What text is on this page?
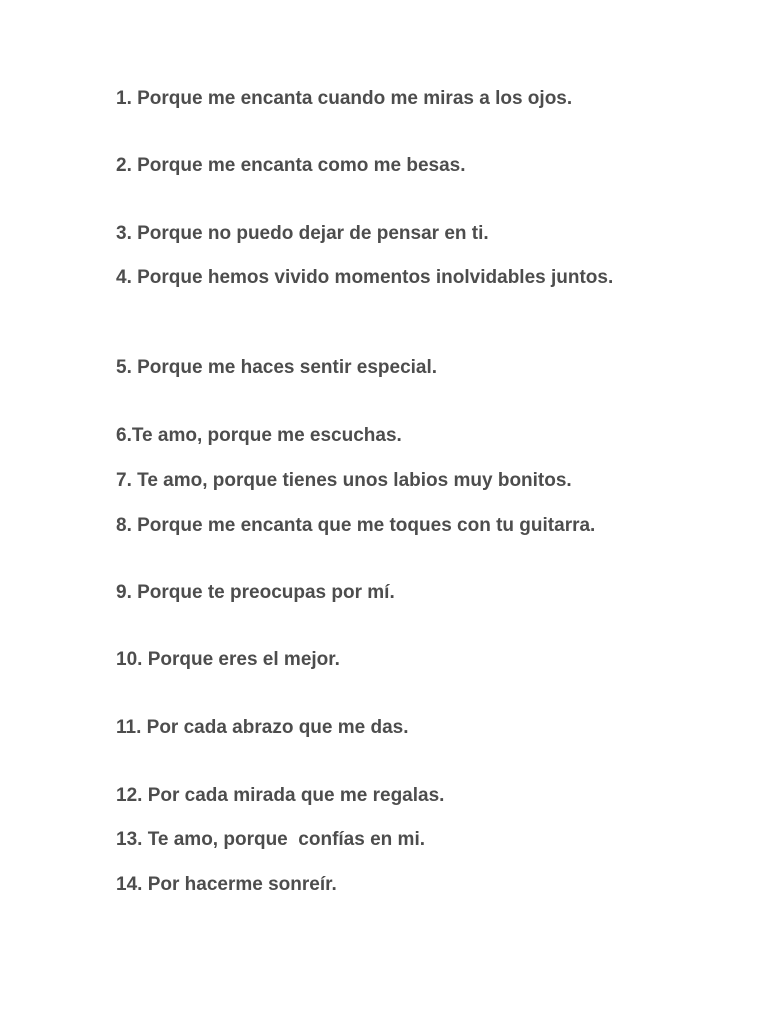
1. Porque me encanta cuando me miras a los ojos.

2. Porque me encanta como me besas.

3. Porque no puedo dejar de pensar en ti.

4. Porque hemos vivido momentos inolvidables juntos.

5. Porque me haces sentir especial.

6.Te amo, porque me escuchas.

7. Te amo, porque tienes unos labios muy bonitos.

8. Porque me encanta que me toques con tu guitarra.

9. Porque te preocupas por mí.

10. Porque eres el mejor.

11. Por cada abrazo que me das.

12. Por cada mirada que me regalas.

13. Te amo, porque  confías en mi.

14. Por hacerme sonreír.
